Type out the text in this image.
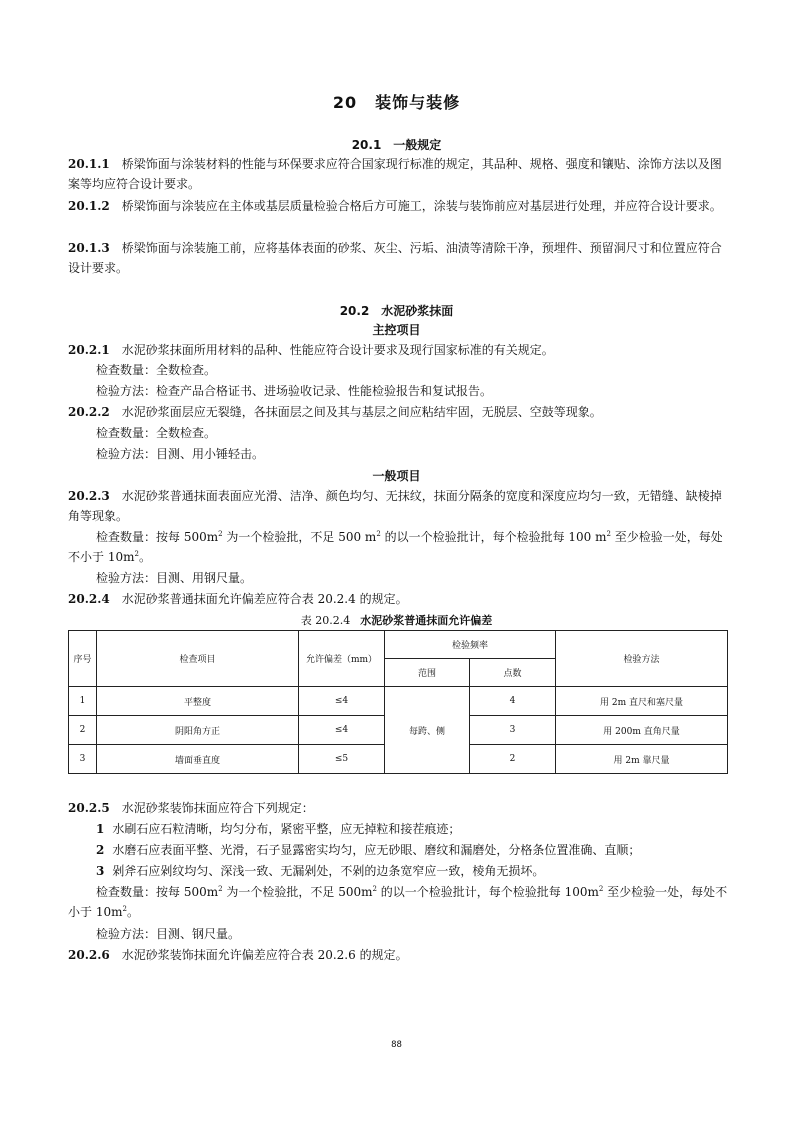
20 装饰与装修
20.1 一般规定

20.1.1 桥梁饰面与涂装材料的性能与环保要求应符合国家现行标准的规定，其品种、规格、强度和镶贴、涂饰方法以及图案等均应符合设计要求。

20.1.2 桥梁饰面与涂装应在主体或基层质量检验合格后方可施工，涂装与装饰前应对基层进行处理，并应符合设计要求。

20.1.3 桥梁饰面与涂装施工前，应将基体表面的砂浆、灰尘、污垢、油渍等清除干净，预埋件、预留洞尺寸和位置应符合设计要求。

20.2 水泥砂浆抹面
主控项目

20.2.1 水泥砂浆抹面所用材料的品种、性能应符合设计要求及现行国家标准的有关规定。

检查数量：全数检查。

检验方法：检查产品合格证书、进场验收记录、性能检验报告和复试报告。

20.2.2 水泥砂浆面层应无裂缝，各抹面层之间及其与基层之间应粘结牢固，无脱层、空鼓等现象。

检查数量：全数检查。

检验方法：目测、用小锤轻击。

一般项目

20.2.3 水泥砂浆普通抹面表面应光滑、洁净、颜色均匀、无抹纹，抹面分隔条的宽度和深度应均匀一致，无错缝、缺棱掉角等现象。

检查数量：按每 $500m^2$ 为一个检验批，不足 500 $m^2$ 的以一个检验批计，每个检验批每 100 $m^2$ 至少检验一处，每处不小于 $10m^2$。

检验方法：目测、用钢尺量。

20.2.4 水泥砂浆普通抹面允许偏差应符合表 20.2.4 的规定。

表 20.2.4 水泥砂浆普通抹面允许偏差
序号	检查项目	允许偏差（mm）	检验频率		检验方法
			范围	点数	
1	平整度	≤4	每跨、侧	4	用 2m 直尺和塞尺量
2	阴阳角方正	≤4		3	用 200m 直角尺量
3	墙面垂直度	≤5		2	用 2m 靠尺量

20.2.5 水泥砂浆装饰抹面应符合下列规定：

1 水刷石应石粒清晰，均匀分布，紧密平整，应无掉粒和接茬痕迹；

2 水磨石应表面平整、光滑，石子显露密实均匀，应无砂眼、磨纹和漏磨处，分格条位置准确、直顺；

3 剁斧石应剁纹均匀、深浅一致、无漏剁处，不剁的边条宽窄应一致，棱角无损坏。

检查数量：按每 $500m^2$ 为一个检验批，不足 $500m^2$ 的以一个检验批计，每个检验批每 $100m^2$ 至少检验一处，每处不小于 $10m^2$。

检验方法：目测、钢尺量。

20.2.6 水泥砂浆装饰抹面允许偏差应符合表 20.2.6 的规定。

88
